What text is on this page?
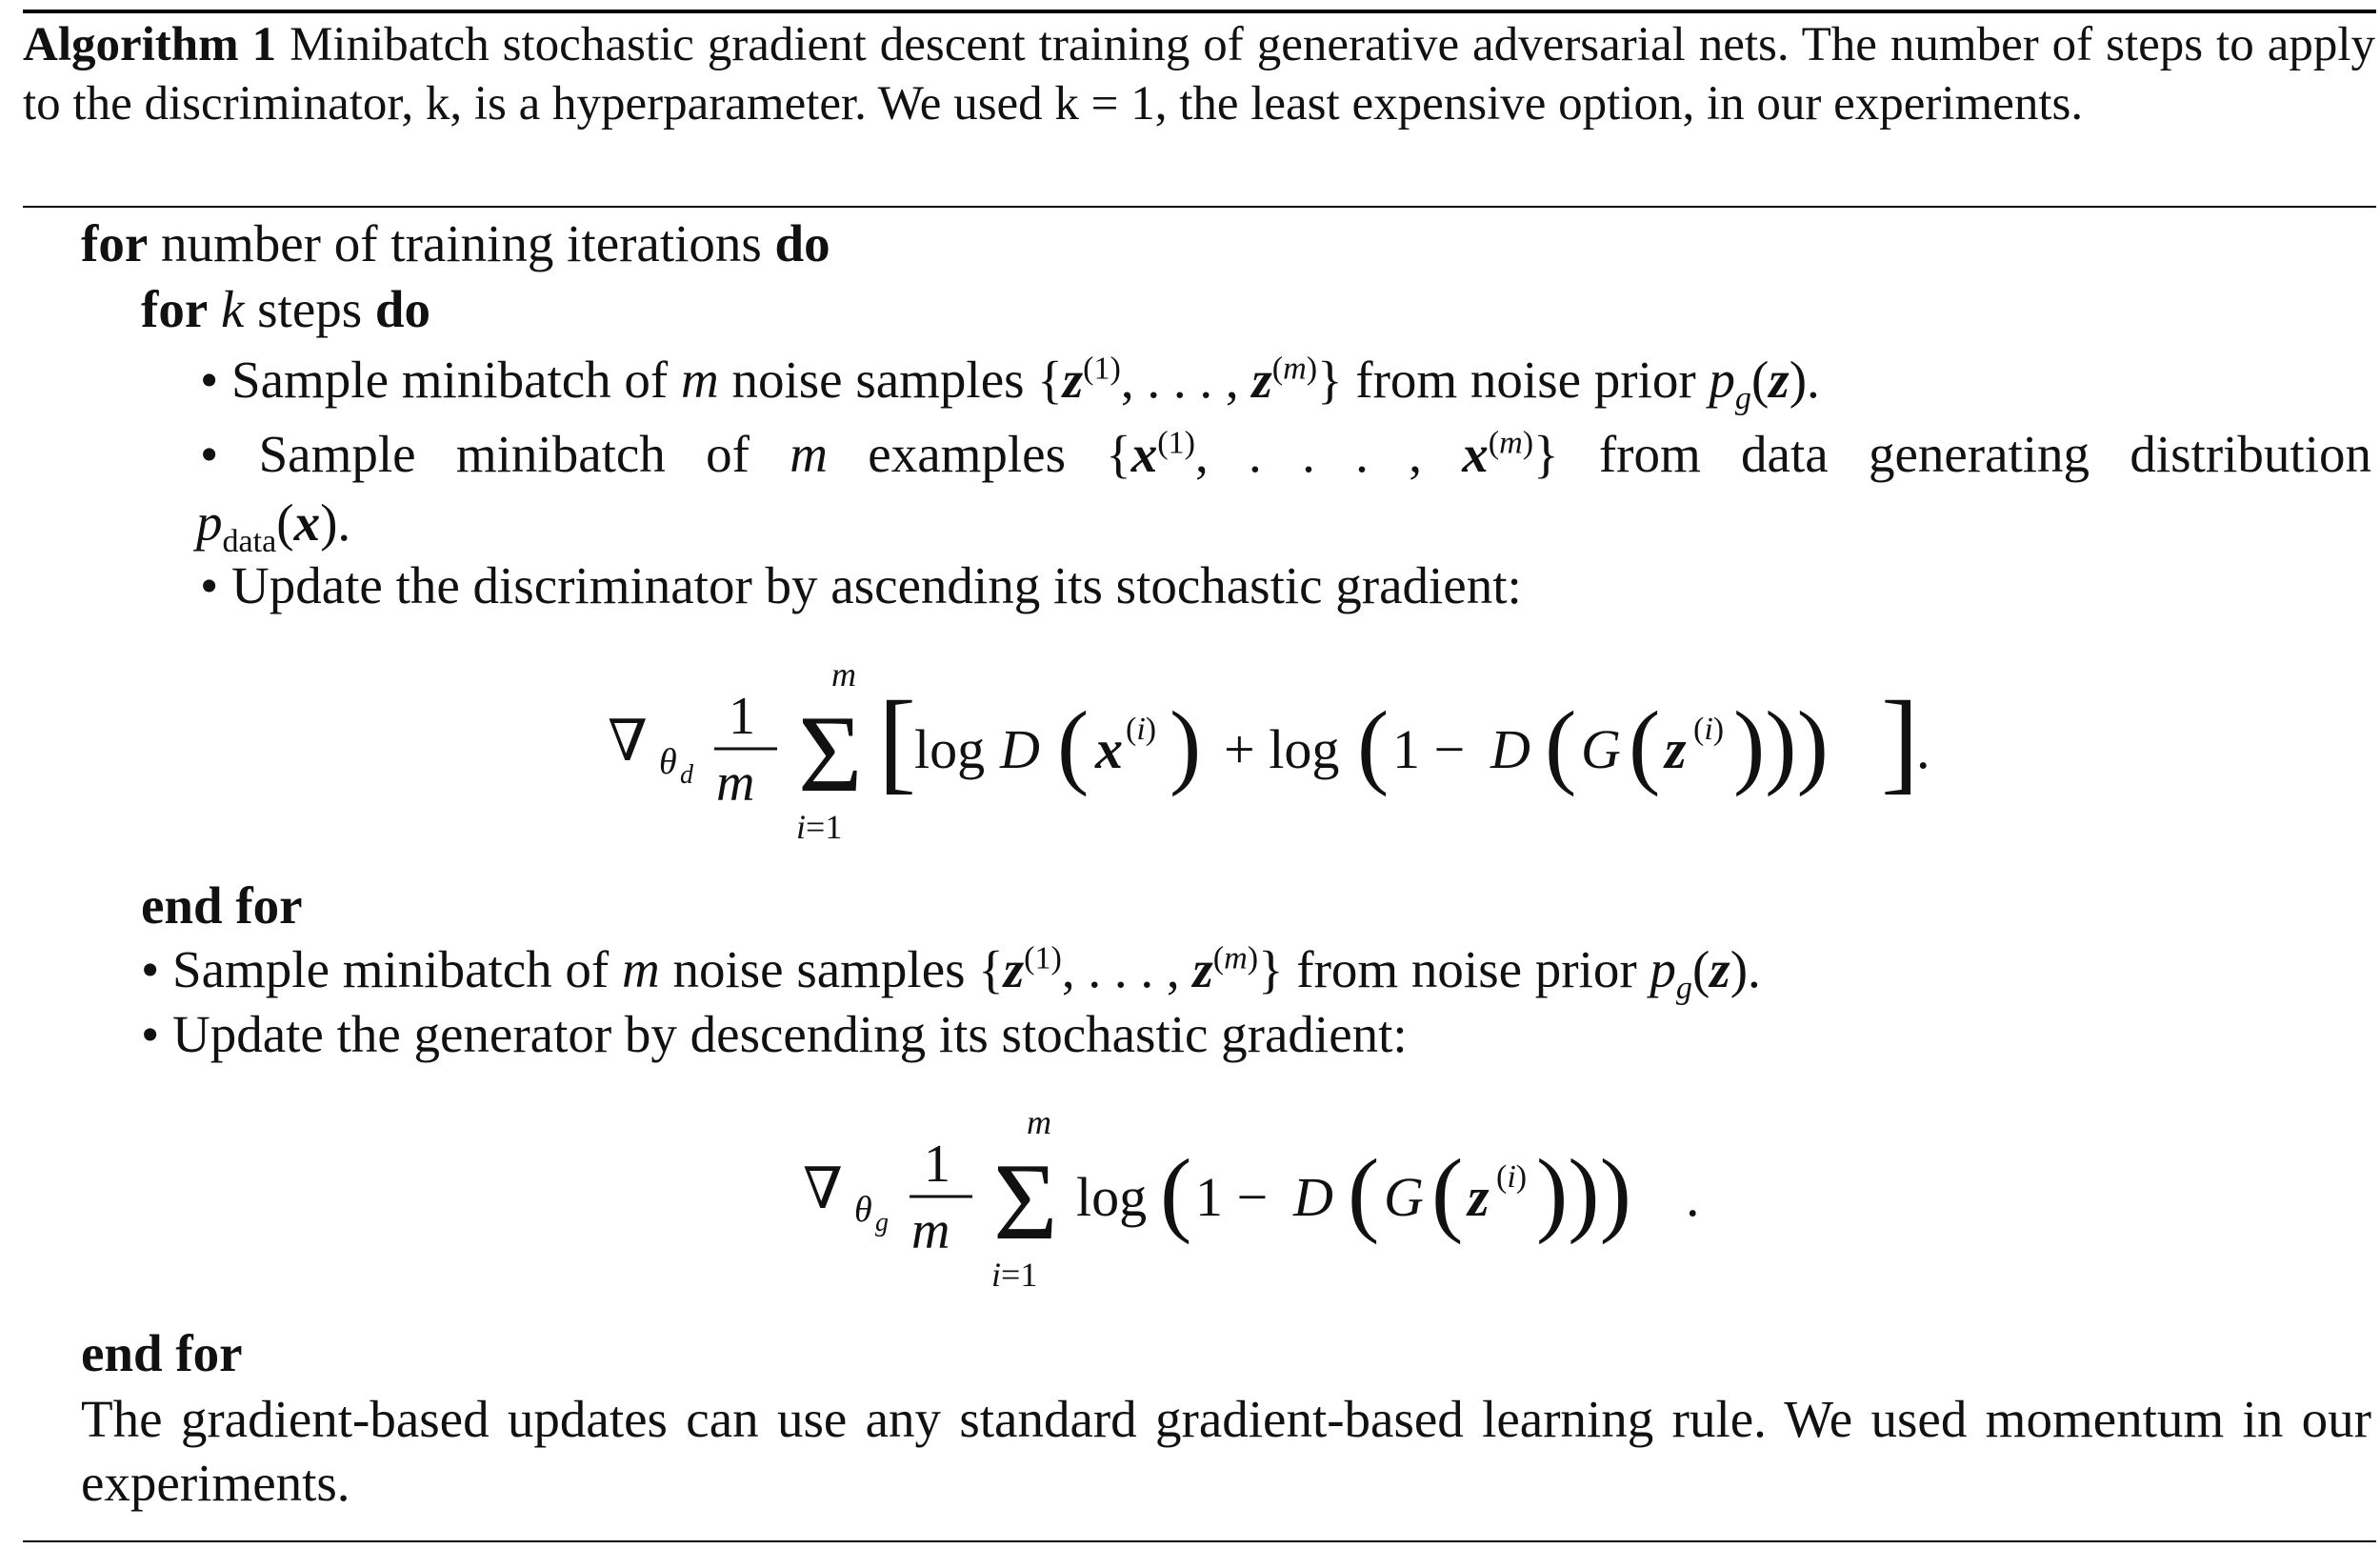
Algorithm 1 Minibatch stochastic gradient descent training of generative adversarial nets. The number of steps to apply to the discriminator, k, is a hyperparameter. We used k = 1, the least expensive option, in our experiments.
for number of training iterations do
for k steps do
• Sample minibatch of m noise samples {$z^{(1)}$, . . . , $z^{(m)}$} from noise prior $p_g(z)$.
• Sample minibatch of m examples {$x^{(1)}$, . . . , $x^{(m)}$} from data generating distribution
$p_{data}(x)$.
• Update the discriminator by ascending its stochastic gradient:
∇ θ d
1
m
m
Σ
i=1
[
log D ( x (i) ) + log ( 1 − D ( G ( z (i) ))) ]
.
end for
• Sample minibatch of m noise samples {$z^{(1)}$, . . . , $z^{(m)}$} from noise prior $p_g(z)$.
• Update the generator by descending its stochastic gradient:
∇ θ g
1
m
m
Σ
i=1
log ( 1 − D ( G ( z (i) ))) .
end for
The gradient-based updates can use any standard gradient-based learning rule. We used momentum in our experiments.
